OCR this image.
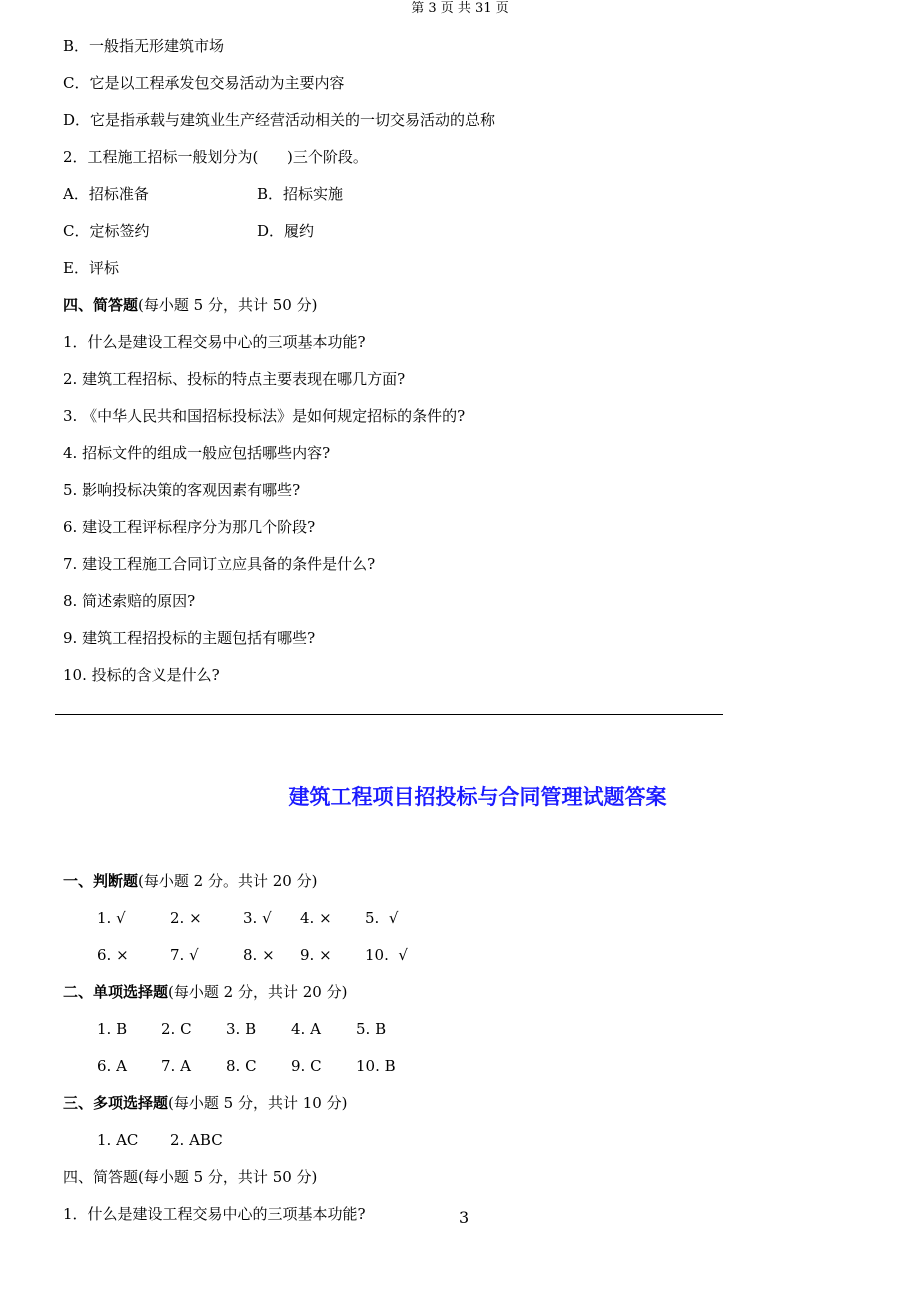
第 3 页 共 31 页
B．一般指无形建筑市场
C．它是以工程承发包交易活动为主要内容
D．它是指承载与建筑业生产经营活动相关的一切交易活动的总称
2．工程施工招标一般划分为(      )三个阶段。
A．招标准备	B．招标实施
C．定标签约	D．履约
E．评标
四、简答题(每小题 5 分，共计 50 分)
1．什么是建设工程交易中心的三项基本功能?
2. 建筑工程招标、投标的特点主要表现在哪几方面?
3. 《中华人民共和国招标投标法》是如何规定招标的条件的?
4. 招标文件的组成一般应包括哪些内容?
5. 影响投标决策的客观因素有哪些?
6. 建设工程评标程序分为那几个阶段?
7. 建设工程施工合同订立应具备的条件是什么?
8. 简述索赔的原因?
9. 建筑工程招投标的主题包括有哪些?
10. 投标的含义是什么?
建筑工程项目招投标与合同管理试题答案
一、判断题(每小题 2 分。共计 20 分)
1. √	2. ×	3. √ 4. × 5.  √
6. ×	7. √	8. × 9. × 10.  √
二、单项选择题(每小题 2 分，共计 20 分)
1. B 2. C 3. B 4. A 5. B
6. A 7. A 8. C 9. C 10. B
三、多项选择题(每小题 5 分，共计 10 分)
1. AC 2. ABC
四、简答题(每小题 5 分，共计 50 分)
1．什么是建设工程交易中心的三项基本功能?	3
